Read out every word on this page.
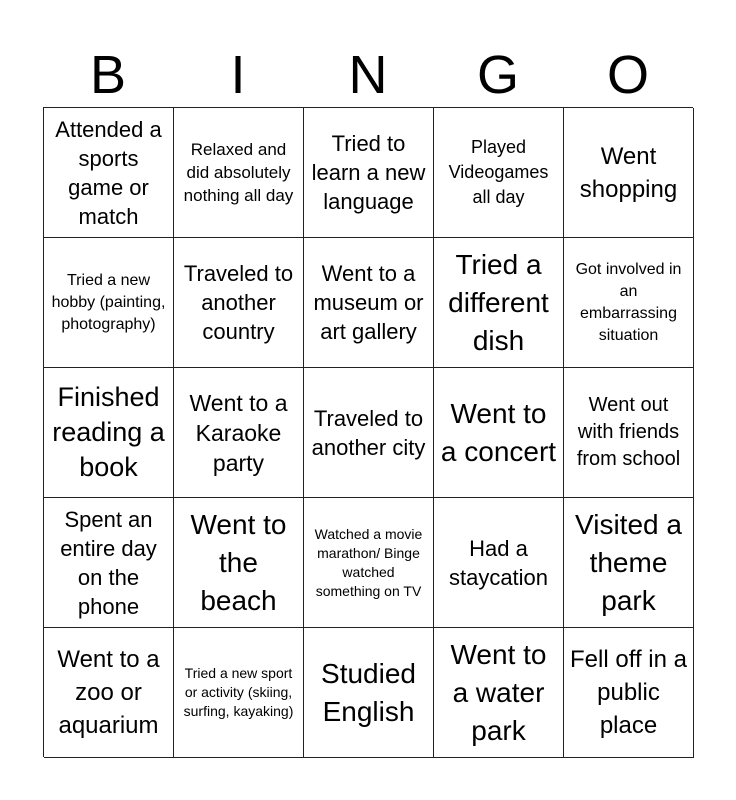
B	I	N	G	O
Attended a sports game or match
Relaxed and did absolutely nothing all day
Tried to learn a new language
Played Videogames all day
Went shopping
Tried a new hobby (painting, photography)
Traveled to another country
Went to a museum or art gallery
Tried a different dish
Got involved in an embarrassing situation
Finished reading a book
Went to a Karaoke party
Traveled to another city
Went to a concert
Went out with friends from school
Spent an entire day on the phone
Went to the beach
Watched a movie marathon/ Binge watched something on TV
Had a staycation
Visited a theme park
Went to a zoo or aquarium
Tried a new sport or activity (skiing, surfing, kayaking)
Studied English
Went to a water park
Fell off in a public place
